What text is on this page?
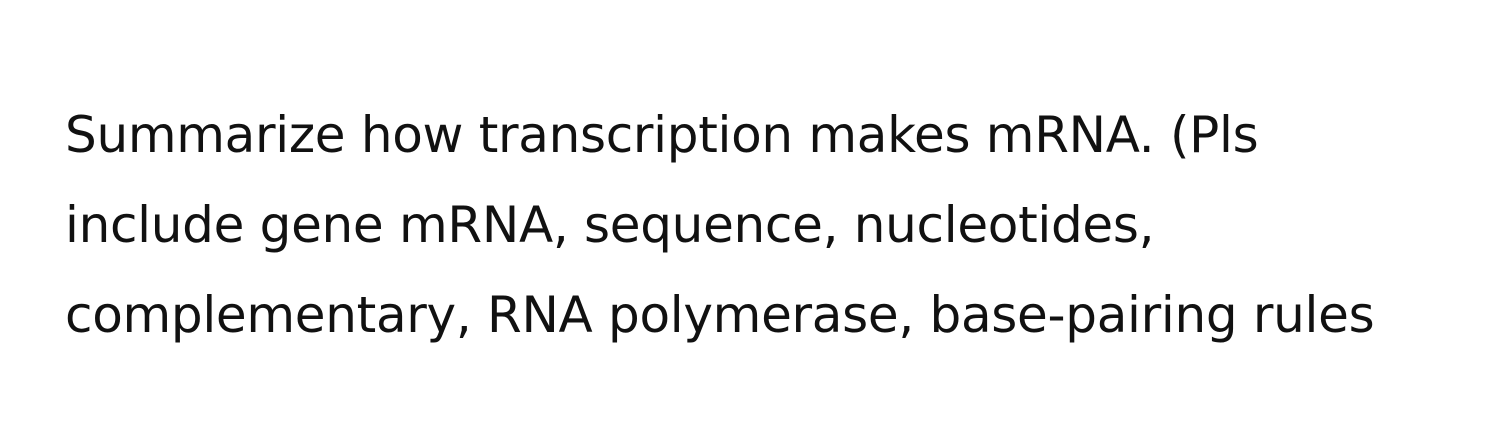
Summarize how transcription makes mRNA. (Pls
include gene mRNA, sequence, nucleotides,
complementary, RNA polymerase, base-pairing rules
